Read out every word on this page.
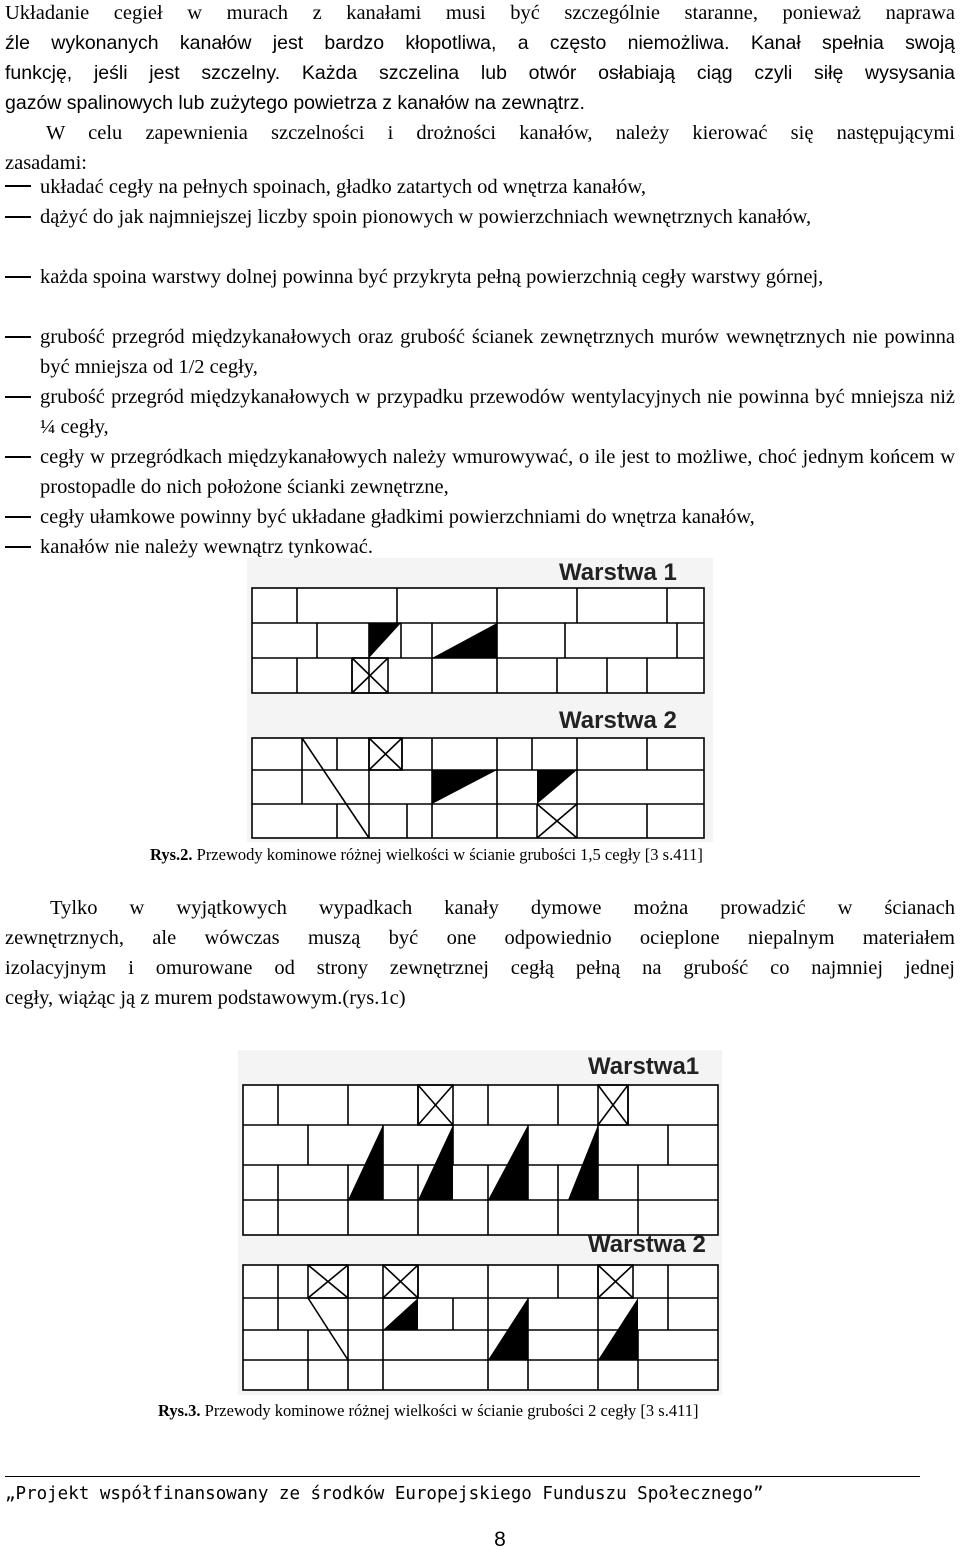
Układanie cegieł w murach z kanałami musi być szczególnie staranne, ponieważ naprawa
źle wykonanych kanałów jest bardzo kłopotliwa, a często niemożliwa. Kanał spełnia swoją
funkcję, jeśli jest szczelny. Każda szczelina lub otwór osłabiają ciąg czyli siłę wysysania
gazów spalinowych lub zużytego powietrza z kanałów na zewnątrz.
W celu zapewnienia szczelności i drożności kanałów, należy kierować się następującymi
zasadami:
układać cegły na pełnych spoinach, gładko zatartych od wnętrza kanałów,
dążyć do jak najmniejszej liczby spoin pionowych w powierzchniach wewnętrznych kanałów,
każda spoina warstwy dolnej powinna być przykryta pełną powierzchnią cegły warstwy górnej,
grubość przegród międzykanałowych oraz grubość ścianek zewnętrznych murów wewnętrznych nie powinna być mniejsza od 1/2 cegły,
grubość przegród międzykanałowych w przypadku przewodów wentylacyjnych nie powinna być mniejsza niż ¼ cegły,
cegły w przegródkach międzykanałowych należy wmurowywać, o ile jest to możliwe, choć jednym końcem w prostopadle do nich położone ścianki zewnętrzne,
cegły ułamkowe powinny być układane gładkimi powierzchniami do wnętrza kanałów,
kanałów nie należy wewnątrz tynkować.
Warstwa 1
Warstwa 2
Rys.2. Przewody kominowe różnej wielkości w ścianie grubości 1,5 cegły [3 s.411]
Tylko w wyjątkowych wypadkach kanały dymowe można prowadzić w ścianach
zewnętrznych, ale wówczas muszą być one odpowiednio ocieplone niepalnym materiałem
izolacyjnym i omurowane od strony zewnętrznej cegłą pełną na grubość co najmniej jednej
cegły, wiążąc ją z murem podstawowym.(rys.1c)
Warstwa1
Warstwa 2
Rys.3. Przewody kominowe różnej wielkości w ścianie grubości 2 cegły [3 s.411]
„Projekt współfinansowany ze środków Europejskiego Funduszu Społecznego”
8
